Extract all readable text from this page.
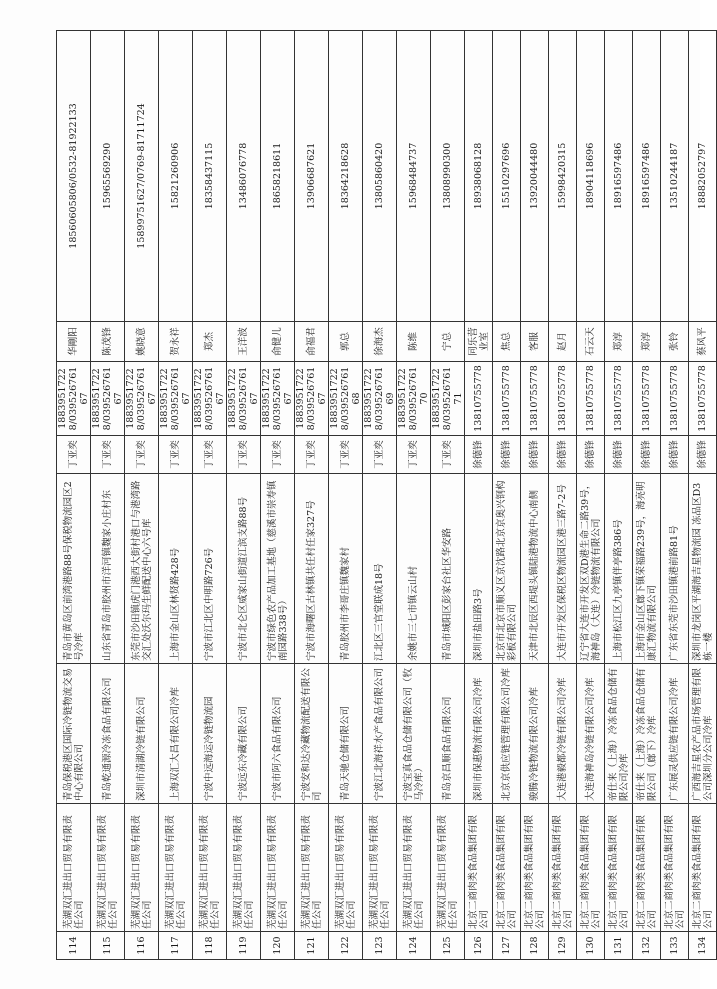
114	芜湖双汇进出口贸易有限责任公司	青岛保税港区国际冷链物流交易中心有限公司	青岛市黄岛区前湾港路88号保税物流园区2号冷库	丁亚奕	18839517228/03952676167	华剛阳	18560605806/0532-81922133
115	芜湖双汇进出口贸易有限责任公司	青岛乾通源冷冻食品有限公司	山东省青岛市胶州市洋河镇魏家小庄村东	丁亚奕	18839517228/03952676167	陈茂锋	15965569290
116	芜湖双汇进出口贸易有限责任公司	深圳市清湖冷链有限公司	东莞市沙田镇虎门港西大街村港口与港湾路交汇处沃尔玛生鲜配送中心六号库	丁亚奕	18839517228/03952676167	姚晓意	15899751627/0769-81711724
117	芜湖双汇进出口贸易有限责任公司	上海双汇大昌有限公司冷库	上海市金山区林贤路428号	丁亚奕	18839517228/03952676167	贺永祥	15821260906
118	芜湖双汇进出口贸易有限责任公司	宁波中远海运冷链物流园	宁波市江北区中明路726号	丁亚奕	18839517228/03952676167	郑杰	18358437115
119	芜湖双汇进出口贸易有限责任公司	宁波远东冷藏有限公司	宁波市北仑区威家山街道江滨支路88号	丁亚奕	18839517228/03952676167	王洋波	13486076778
120	芜湖双汇进出口贸易有限责任公司	宁波市阿六食品有限公司	宁波市绿色农产品加工基地（慈溪市崇寿镇南园路338号）	丁亚奕	18839517228/03952676167	俞健儿	18658218611
121	芜湖双汇进出口贸易有限责任公司	宁波安和达冷藏物流配送有限公司	宁波市海曙区古林镇共任村任家327号	丁亚奕	18839517228/03952676167	俞福君	13906687621
122	芜湖双汇进出口贸易有限责任公司	青岛天驰仓储有限公司	青岛胶州市李哥庄镇魏家村	丁亚奕	18839517228/03952676168	郭总	18364218628
123	芜湖双汇进出口贸易有限责任公司	宁波江北海祥水产食品有限公司	江北区三官堂联成18号	丁亚奕	18839517228/03952676169	徐海杰	13805860420
124	芜湖双汇进出口贸易有限责任公司	宁波宝真食品仓储有限公司（牧马冷库）	余姚市三七市镇云山村	丁亚奕	18839517228/03952676170	陈维	15968484737
125	芜湖双汇进出口贸易有限责任公司	青岛京昌顺食品有限公司	青岛市城阳区彭家台社区华安路	丁亚奕	18839517228/03952676171	宁总	13808990300
126	北京二商肉类食品集团有限公司	深圳市保惠物流有限公司冷库	深圳市盐田路3号	徐德锋	13810755778	同乐营业室	18938068128
127	北京二商肉类食品集团有限公司	北京京供应链管理有限公司冷库	北京市北京市顺义区京沈路北京京奥兴钢构彩板有限公司	徐德锋	13810755778	焦总	15510297696
128	北京二商肉类食品集团有限公司	骏腾冷链物流有限公司冷库	天津市北辰区西堤头镇陆港物流中心南侧	徐德锋	13810755778	客服	13920044480
129	北京二商肉类食品集团有限公司	大连港毅都冷链有限公司冷库	大连市开发区保税区物流园区港三路7-2号	徐德锋	13810755778	赵月	15998420315
130	北京二商肉类食品集团有限公司	大连海神岛冷链有限公司冷库	辽宁省大连市开发区双D港生命二路39号，海神岛（大连）冷链物流有限公司	徐德锋	13810755778	石云天	18904118696
131	北京二商肉类食品集团有限公司	帝仕来（上海）冷冻食品仓储有限公司冷库	上海市松江区九亭镇伴亭路386号	徐德锋	13810755778	郑淳	18916597486
132	北京二商肉类食品集团有限公司	帝仕来（上海）冷冻食品仓储有限公司（廊下）冷库	上海市金山区廊下镇荣福路239号，海亮明康汇物流有限公司	徐德锋	13810755778	郑淳	18916597486
133	北京二商肉类食品集团有限公司	广东展灵供应链有限公司冷库	广东省东莞市沙田镇港前路81号	徐德锋	13810755778	张铃	13510244187
134	北京二商肉类食品集团有限公司	广西海吉星农产品市场管理有限公司深圳分公司冷库	深圳市龙岗区平湖海吉星物流园 冻品区D3栋一楼	徐德锋	13810755778	蔡风平	18882052797
